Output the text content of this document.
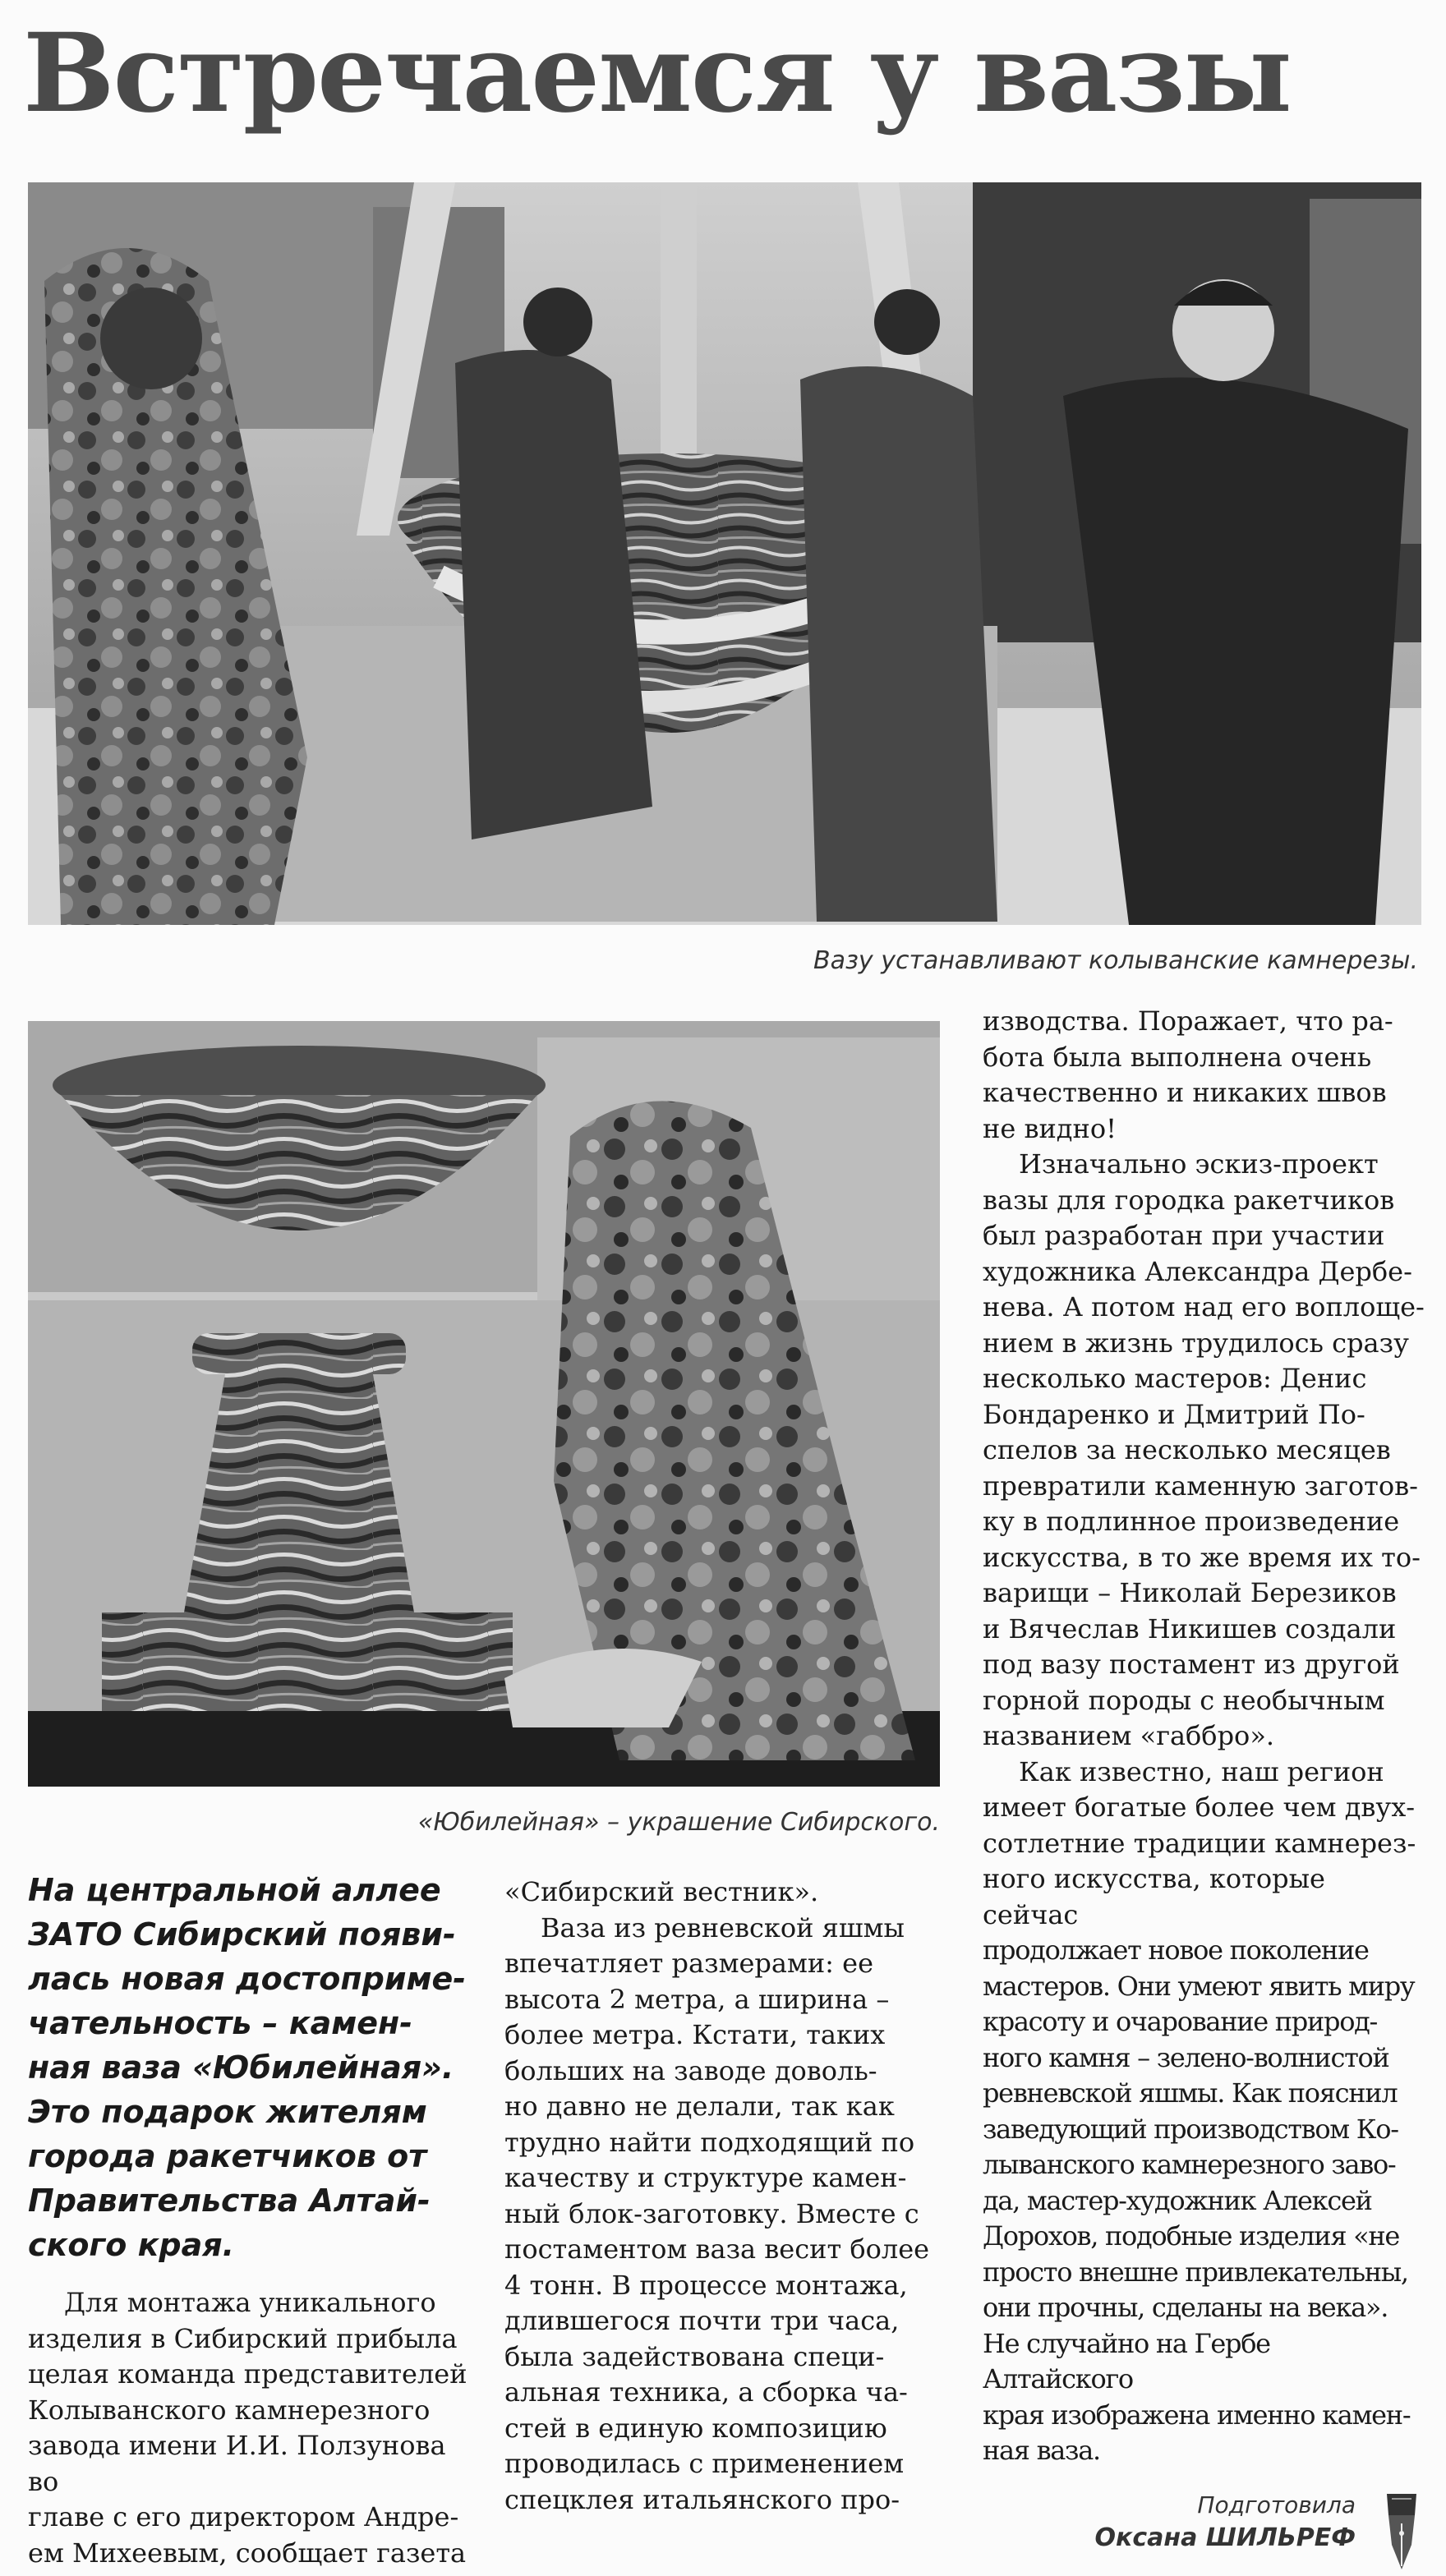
Встречаемся у вазы
Вазу устанавливают колыванские камнерезы.
«Юбилейная» – украшение Сибирского.
На центральной аллее
ЗАТО Сибирский появи-
лась новая достоприме-
чательность – камен-
ная ваза «Юбилейная».
Это подарок жителям
города ракетчиков от
Правительства Алтай-
ского края.
Для монтажа уникального
изделия в Сибирский прибыла
целая команда представителей
Колыванского камнерезного
завода имени И.И. Ползунова во
главе с его директором Андре-
ем Михеевым, сообщает газета
«Сибирский вестник».
Ваза из ревневской яшмы
впечатляет размерами: ее
высота 2 метра, а ширина –
более метра. Кстати, таких
больших на заводе доволь-
но давно не делали, так как
трудно найти подходящий по
качеству и структуре камен-
ный блок-заготовку. Вместе с
постаментом ваза весит более
4 тонн. В процессе монтажа,
длившегося почти три часа,
была задействована специ-
альная техника, а сборка ча-
стей в единую композицию
проводилась с применением
спецклея итальянского про-
изводства. Поражает, что ра-
бота была выполнена очень
качественно и никаких швов
не видно!
Изначально эскиз-проект
вазы для городка ракетчиков
был разработан при участии
художника Александра Дербе-
нева. А потом над его воплоще-
нием в жизнь трудилось сразу
несколько мастеров: Денис
Бондаренко и Дмитрий По-
спелов за несколько месяцев
превратили каменную заготов-
ку в подлинное произведение
искусства, в то же время их то-
варищи – Николай Березиков
и Вячеслав Никишев создали
под вазу постамент из другой
горной породы с необычным
названием «габбро».
Как известно, наш регион
имеет богатые более чем двух-
сотлетние традиции камнерез-
ного искусства, которые сейчас
продолжает новое поколение
мастеров. Они умеют явить миру
красоту и очарование природ-
ного камня – зелено-волнистой
ревневской яшмы. Как пояснил
заведующий производством Ко-
лыванского камнерезного заво-
да, мастер-художник Алексей
Дорохов, подобные изделия «не
просто внешне привлекательны,
они прочны, сделаны на века».
Не случайно на Гербе Алтайского
края изображена именно камен-
ная ваза.
Подготовила
Оксана ШИЛЬРЕФ
